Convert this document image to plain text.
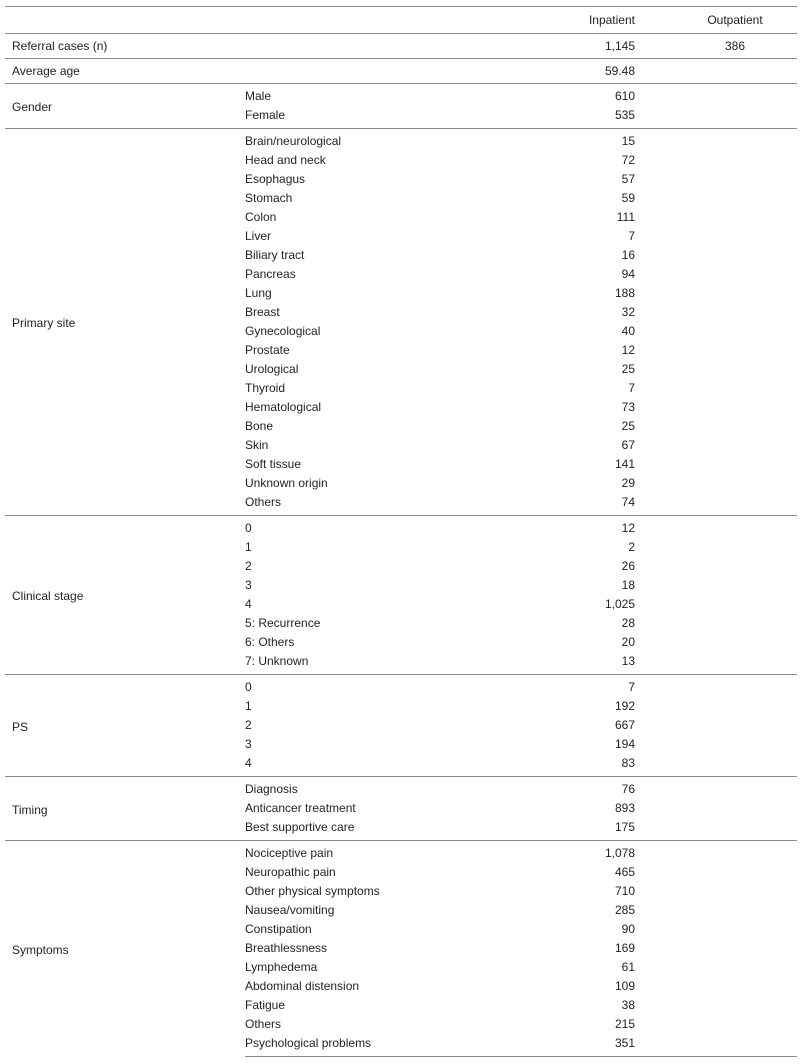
		Inpatient	Outpatient
Referral cases (n)		1,145	386
Average age		59.48	
Gender	Male	610	
	Female	535	
Primary site	Brain/neurological	15	
	Head and neck	72	
	Esophagus	57	
	Stomach	59	
	Colon	111	
	Liver	7	
	Biliary tract	16	
	Pancreas	94	
	Lung	188	
	Breast	32	
	Gynecological	40	
	Prostate	12	
	Urological	25	
	Thyroid	7	
	Hematological	73	
	Bone	25	
	Skin	67	
	Soft tissue	141	
	Unknown origin	29	
	Others	74	
Clinical stage	0	12	
	1	2	
	2	26	
	3	18	
	4	1,025	
	5: Recurrence	28	
	6: Others	20	
	7: Unknown	13	
PS	0	7	
	1	192	
	2	667	
	3	194	
	4	83	
Timing	Diagnosis	76	
	Anticancer treatment	893	
	Best supportive care	175	
Symptoms	Nociceptive pain	1,078	
	Neuropathic pain	465	
	Other physical symptoms	710	
	Nausea/vomiting	285	
	Constipation	90	
	Breathlessness	169	
	Lymphedema	61	
	Abdominal distension	109	
	Fatigue	38	
	Others	215	
	Psychological problems	351	
